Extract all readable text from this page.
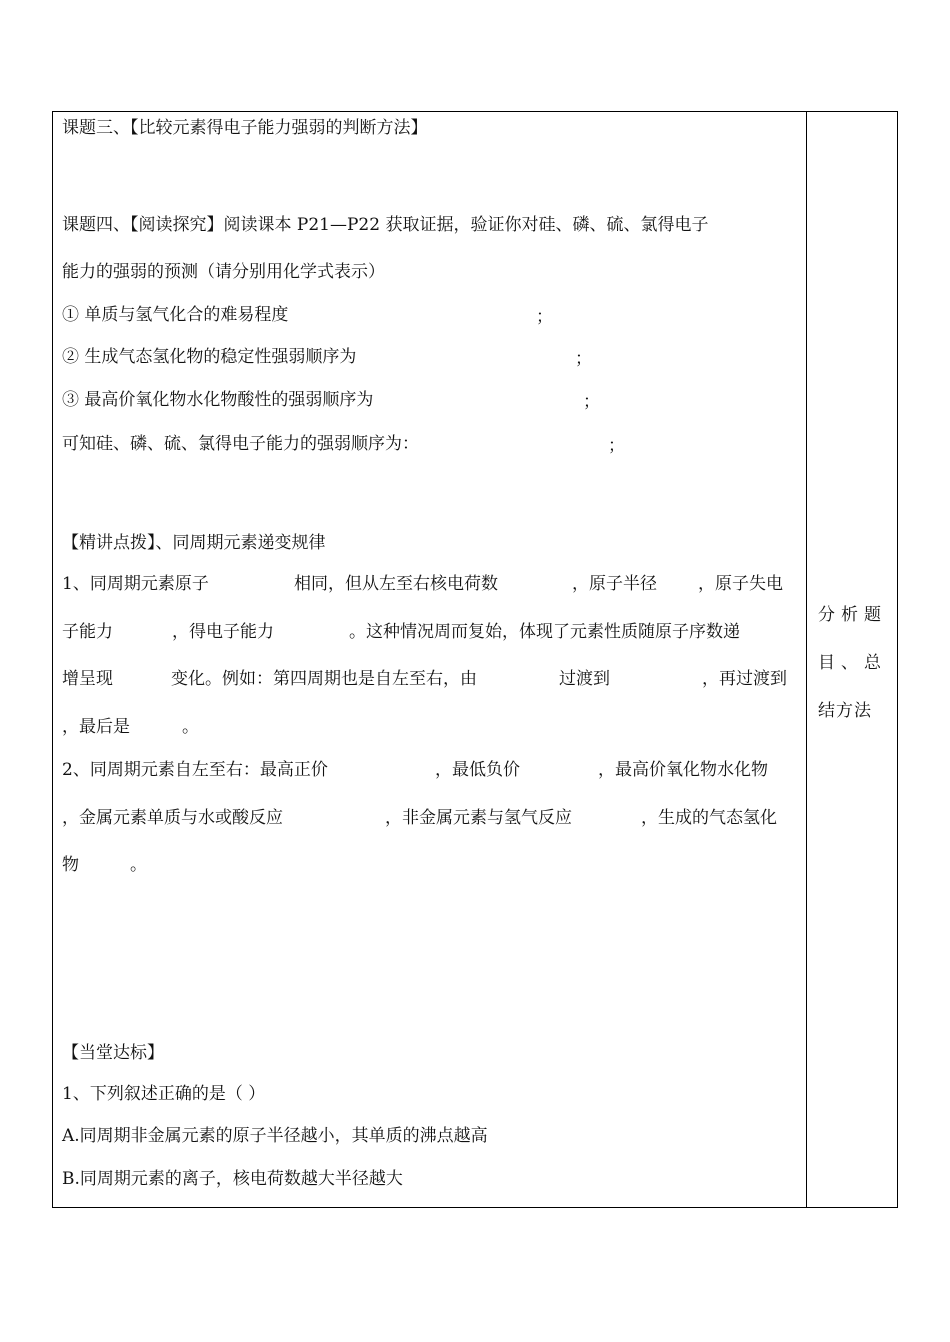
课题三、【比较元素得电子能力强弱的判断方法】
课题四、【阅读探究】阅读课本 P21—P22 获取证据，验证你对硅、磷、硫、氯得电子
能力的强弱的预测（请分别用化学式表示）
① 单质与氢气化合的难易程度	；
② 生成气态氢化物的稳定性强弱顺序为	；
③ 最高价氧化物水化物酸性的强弱顺序为	；
可知硅、磷、硫、氯得电子能力的强弱顺序为：	；
【精讲点拨】、同周期元素递变规律
1、同周期元素原子	相同，但从左至右核电荷数	，原子半径 ，原子失电
子能力	，得电子能力	。这种情况周而复始，体现了元素性质随原子序数递
增呈现	变化。例如：第四周期也是自左至右，由	过渡到	，再过渡到
，最后是	。
2、同周期元素自左至右：最高正价	，最低负价	，最高价氧化物水化物
，金属元素单质与水或酸反应	，非金属元素与氢气反应	，生成的气态氢化
物	。
【当堂达标】
1、下列叙述正确的是（ ）
A.同周期非金属元素的原子半径越小，其单质的沸点越高
B.同周期元素的离子，核电荷数越大半径越大
分析题
目、总
结方法
